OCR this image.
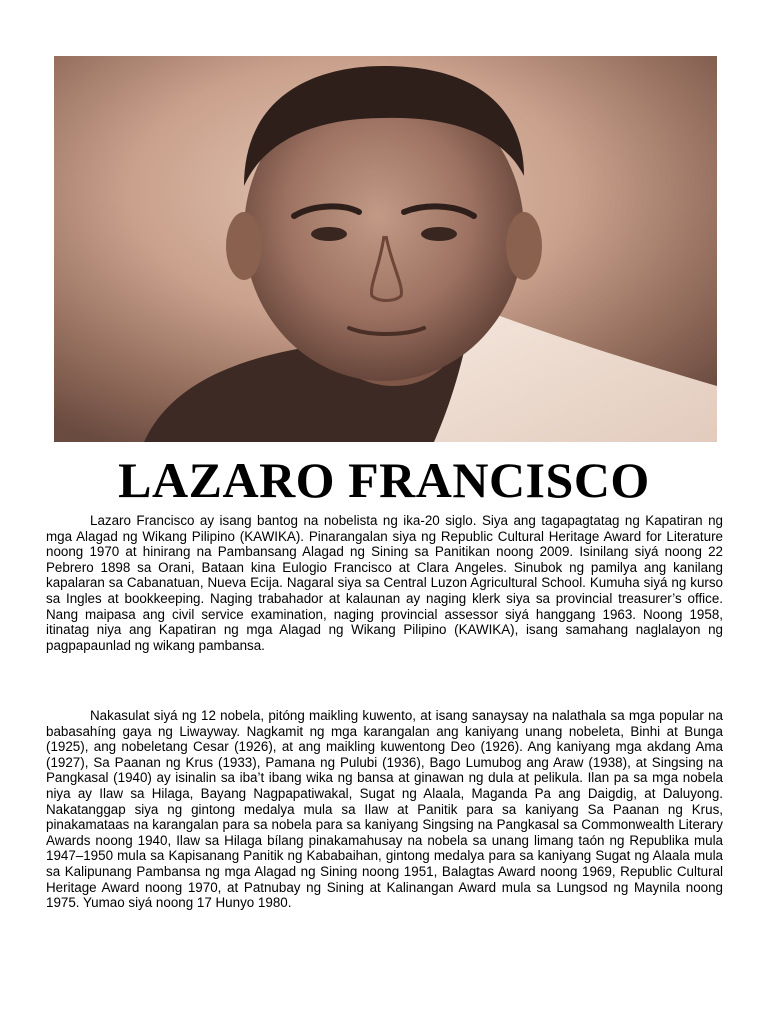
LAZARO FRANCISCO

Lazaro Francisco ay isang bantog na nobelista ng ika-20 siglo. Siya ang tagapagtatag ng Kapatiran ng mga Alagad ng Wikang Pilipino (KAWIKA). Pinarangalan siya ng Republic Cultural Heritage Award for Literature noong 1970 at hinirang na Pambansang Alagad ng Sining sa Panitikan noong 2009. Isinilang siyá noong 22 Pebrero 1898 sa Orani, Bataan kina Eulogio Francisco at Clara Angeles. Sinubok ng pamilya ang kanilang kapalaran sa Cabanatuan, Nueva Ecija. Nagaral siya sa Central Luzon Agricultural School. Kumuha siyá ng kurso sa Ingles at bookkeeping. Naging trabahador at kalaunan ay naging klerk siya sa provincial treasurer’s office. Nang maipasa ang civil service examination, naging provincial assessor siyá hanggang 1963. Noong 1958, itinatag niya ang Kapatiran ng mga Alagad ng Wikang Pilipino (KAWIKA), isang samahang naglalayon ng pagpapaunlad ng wikang pambansa.

Nakasulat siyá ng 12 nobela, pitóng maikling kuwento, at isang sanaysay na nalathala sa mga popular na babasahíng gaya ng Liwayway. Nagkamit ng mga karangalan ang kaniyang unang nobeleta, Binhi at Bunga (1925), ang nobeletang Cesar (1926), at ang maikling kuwentong Deo (1926). Ang kaniyang mga akdang Ama (1927), Sa Paanan ng Krus (1933), Pamana ng Pulubi (1936), Bago Lumubog ang Araw (1938), at Singsing na Pangkasal (1940) ay isinalin sa iba’t ibang wika ng bansa at ginawan ng dula at pelikula. Ilan pa sa mga nobela niya ay Ilaw sa Hilaga, Bayang Nagpapatiwakal, Sugat ng Alaala, Maganda Pa ang Daigdig, at Daluyong. Nakatanggap siya ng gintong medalya mula sa Ilaw at Panitik para sa kaniyang Sa Paanan ng Krus, pinakamataas na karangalan para sa nobela para sa kaniyang Singsing na Pangkasal sa Commonwealth Literary Awards noong 1940, Ilaw sa Hilaga bílang pinakamahusay na nobela sa unang limang taón ng Republika mula 1947–1950 mula sa Kapisanang Panitik ng Kababaihan, gintong medalya para sa kaniyang Sugat ng Alaala mula sa Kalipunang Pambansa ng mga Alagad ng Sining noong 1951, Balagtas Award noong 1969, Republic Cultural Heritage Award noong 1970, at Patnubay ng Sining at Kalinangan Award mula sa Lungsod ng Maynila noong 1975. Yumao siyá noong 17 Hunyo 1980.
